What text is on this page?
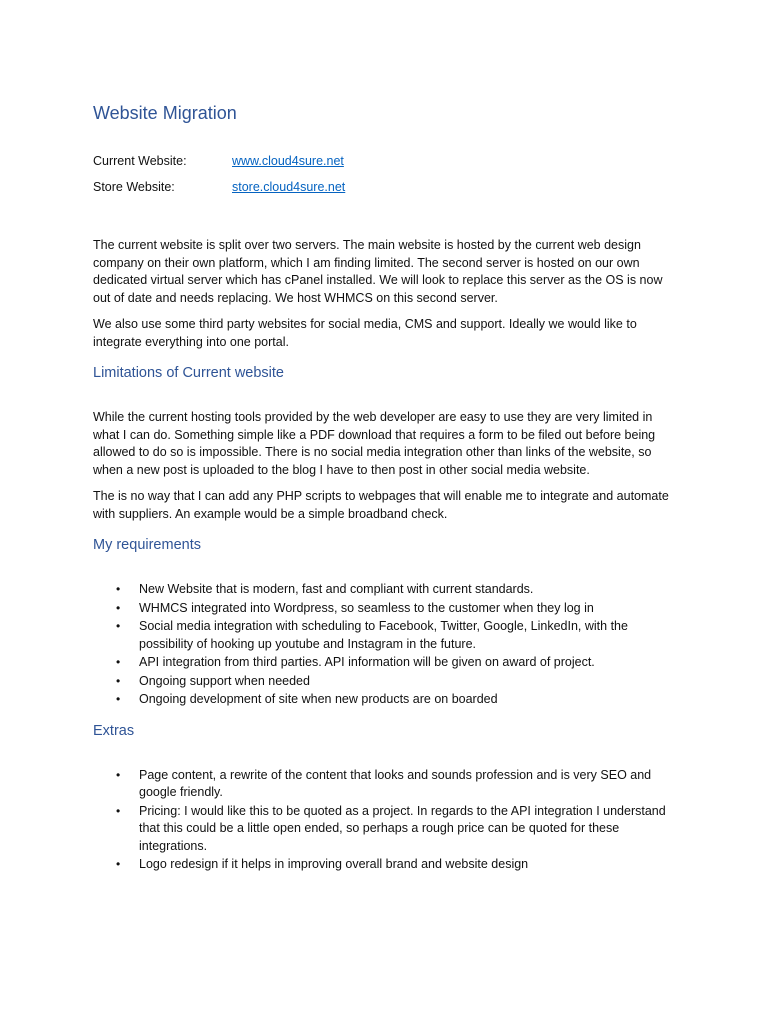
Website Migration
Current Website:	www.cloud4sure.net
Store Website:	store.cloud4sure.net

The current website is split over two servers. The main website is hosted by the current web design company on their own platform, which I am finding limited. The second server is hosted on our own dedicated virtual server which has cPanel installed. We will look to replace this server as the OS is now out of date and needs replacing. We host WHMCS on this second server.

We also use some third party websites for social media, CMS and support. Ideally we would like to integrate everything into one portal.

Limitations of Current website

While the current hosting tools provided by the web developer are easy to use they are very limited in what I can do. Something simple like a PDF download that requires a form to be filed out before being allowed to do so is impossible. There is no social media integration other than links of the website, so when a new post is uploaded to the blog I have to then post in other social media website.

The is no way that I can add any PHP scripts to webpages that will enable me to integrate and automate with suppliers. An example would be a simple broadband check.

My requirements
• New Website that is modern, fast and compliant with current standards.
• WHMCS integrated into Wordpress, so seamless to the customer when they log in
• Social media integration with scheduling to Facebook, Twitter, Google, LinkedIn, with the possibility of hooking up youtube and Instagram in the future.
• API integration from third parties. API information will be given on award of project.
• Ongoing support when needed
• Ongoing development of site when new products are on boarded
Extras
• Page content, a rewrite of the content that looks and sounds profession and is very SEO and google friendly.
• Pricing: I would like this to be quoted as a project. In regards to the API integration I understand that this could be a little open ended, so perhaps a rough price can be quoted for these integrations.
• Logo redesign if it helps in improving overall brand and website design
